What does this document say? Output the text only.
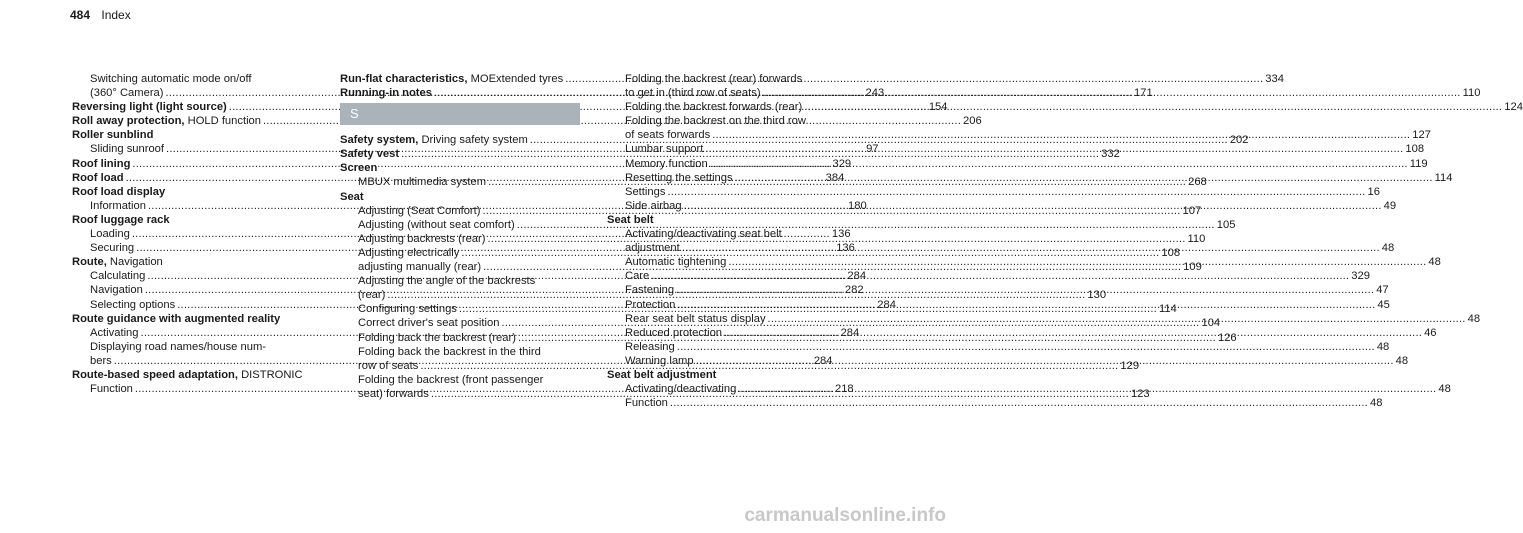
484 Index
Switching automatic mode on/off
(360° Camera) .....	243
Reversing light (light source) .....	154
Roll away protection, HOLD function .....	206
Roller sunblind
Sliding sunroof .....	97
Roof lining .....	329
Roof load .....	384
Roof load display
Information .....	180
Roof luggage rack
Loading .....	136
Securing .....	136
Route, Navigation
Calculating .....	284
Navigation .....	282
Selecting options .....	284
Route guidance with augmented reality
Activating .....	284
Displaying road names/house num-
bers .....	284
Route-based speed adaptation, DISTRONIC
Function .....	218
Run-flat characteristics, MOExtended tyres .....	334
Running-in notes .....	171
S
Safety system, Driving safety system .....	202
Safety vest .....	332
Screen
MBUX multimedia system .....	268
Seat
Adjusting (Seat Comfort) .....	107
Adjusting (without seat comfort) .....	105
Adjusting backrests (rear) .....	110
Adjusting electrically .....	108
adjusting manually (rear) .....	109
Adjusting the angle of the backrests
(rear) .....	130
Configuring settings .....	114
Correct driver's seat position .....	104
Folding back the backrest (rear) .....	126
Folding back the backrest in the third
row of seats .....	129
Folding the backrest (front passenger
seat) forwards .....	123
Folding the backrest (rear) forwards
to get in (third row of seats) .....	110
Folding the backrest forwards (rear) .....	124
Folding the backrest on the third row
of seats forwards .....	127
Lumbar support .....	108
Memory function .....	119
Resetting the settings .....	114
Settings .....	16
Side airbag .....	49
Seat belt
Activating/deactivating seat belt
adjustment .....	48
Automatic tightening .....	48
Care .....	329
Fastening .....	47
Protection .....	45
Rear seat belt status display .....	48
Reduced protection .....	46
Releasing .....	48
Warning lamp .....	48
Seat belt adjustment
Activating/deactivating .....	48
Function .....	48
carmanualsonline.info
